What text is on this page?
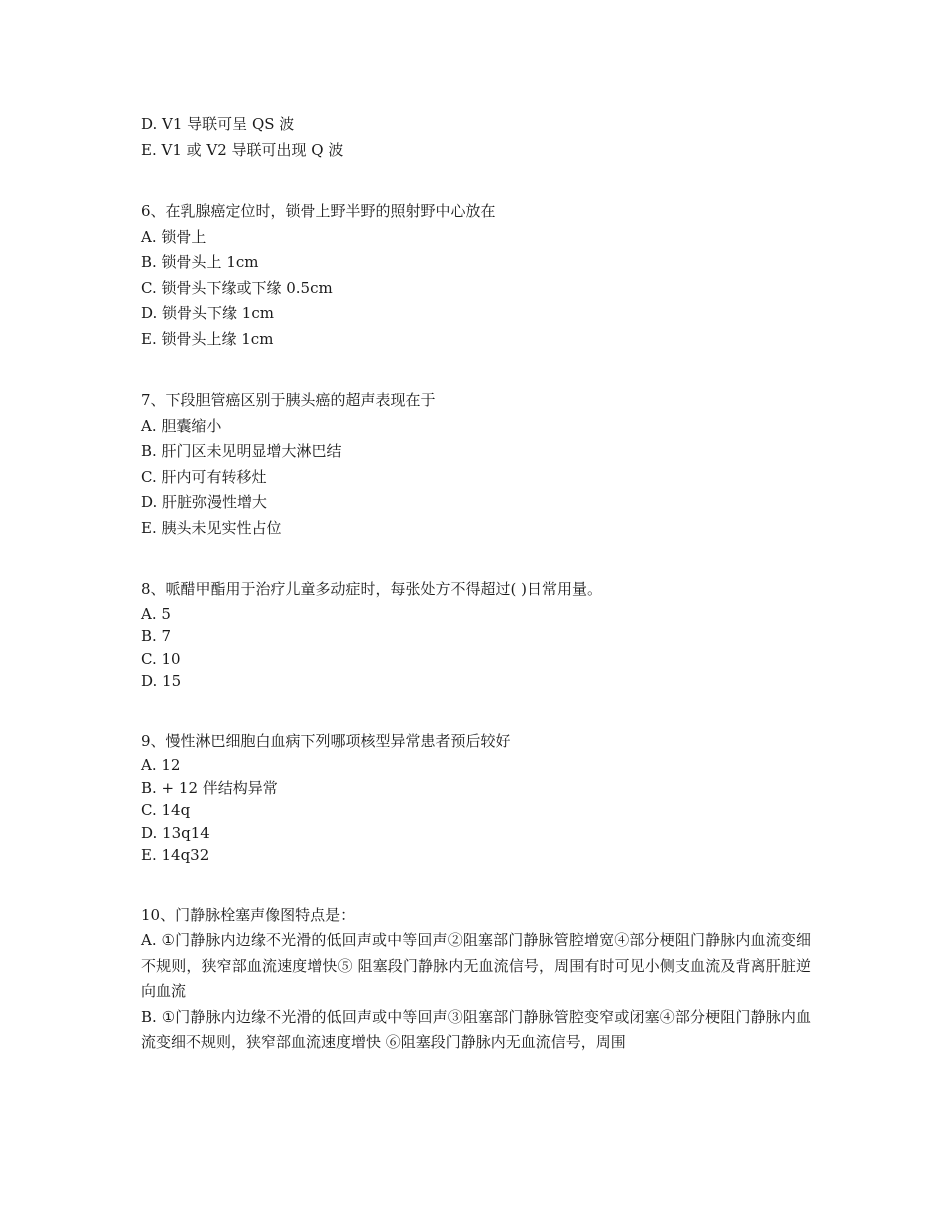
D. V1 导联可呈 QS 波
E. V1 或 V2 导联可出现 Q 波
6、在乳腺癌定位时，锁骨上野半野的照射野中心放在
A. 锁骨上
B. 锁骨头上 1cm
C. 锁骨头下缘或下缘 0.5cm
D. 锁骨头下缘 1cm
E. 锁骨头上缘 1cm
7、下段胆管癌区别于胰头癌的超声表现在于
A. 胆囊缩小
B. 肝门区未见明显增大淋巴结
C. 肝内可有转移灶
D. 肝脏弥漫性增大
E. 胰头未见实性占位
8、哌醋甲酯用于治疗儿童多动症时，每张处方不得超过( )日常用量。
A. 5
B. 7
C. 10
D. 15
9、慢性淋巴细胞白血病下列哪项核型异常患者预后较好
A. 12
B. + 12 伴结构异常
C. 14q
D. 13q14
E. 14q32
10、门静脉栓塞声像图特点是：
A. ①门静脉内边缘不光滑的低回声或中等回声②阻塞部门静脉管腔增宽④部分梗阻门静脉内血流变细不规则，狭窄部血流速度增快⑤ 阻塞段门静脉内无血流信号，周围有时可见小侧支血流及背离肝脏逆向血流
B. ①门静脉内边缘不光滑的低回声或中等回声③阻塞部门静脉管腔变窄或闭塞④部分梗阻门静脉内血流变细不规则，狭窄部血流速度增快 ⑥阻塞段门静脉内无血流信号，周围
